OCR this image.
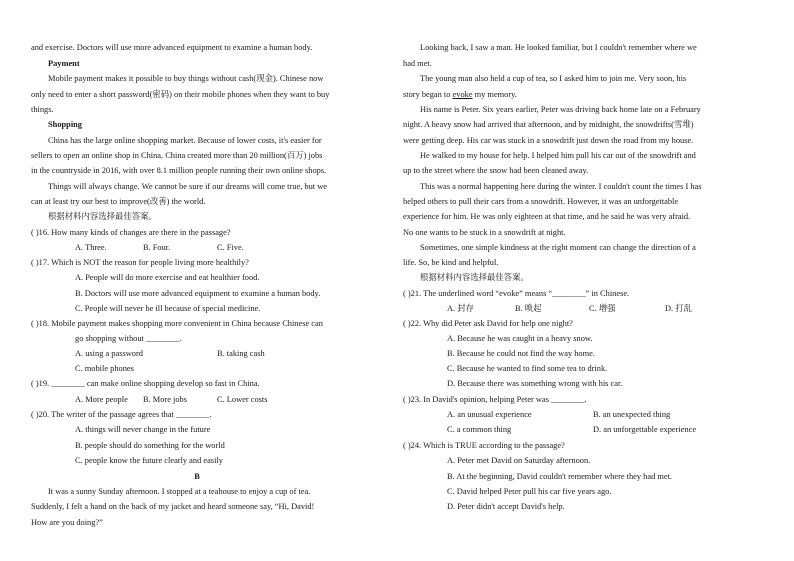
and exercise. Doctors will use more advanced equipment to examine a human body.
Payment
Mobile payment makes it possible to buy things without cash(现金). Chinese now
only need to enter a short password(密码) on their mobile phones when they want to buy
things.
Shopping
China has the large online shopping market. Because of lower costs, it's easier for
sellers to open an online shop in China. China created more than 20 million(百万) jobs
in the countryside in 2016, with over 8.1 million people running their own online shops.
Things will always change. We cannot be sure if our dreams will come true, but we
can at least try our best to improve(改善) the world.
根据材料内容选择最佳答案。
( )16. How many kinds of changes are there in the passage?
A. Three.	B. Four.	C. Five.
( )17. Which is NOT the reason for people living more healthily?
A. People will do more exercise and eat healthier food.
B. Doctors will use more advanced equipment to examine a human body.
C. People will never be ill because of special medicine.
( )18. Mobile payment makes shopping more convenient in China because Chinese can
go shopping without ________.
A. using a password	B. taking cash
C. mobile phones
( )19. ________ can make online shopping develop so fast in China.
A. More people B. More jobs	C. Lower costs
( )20. The writer of the passage agrees that ________.
A. things will never change in the future
B. people should do something for the world
C. people know the future clearly and easily
B
It was a sunny Sunday afternoon. I stopped at a teahouse to enjoy a cup of tea.
Suddenly, I felt a hand on the back of my jacket and heard someone say, “Hi, David!
How are you doing?”
Looking back, I saw a man. He looked familiar, but I couldn't remember where we
had met.
The young man also held a cup of tea, so I asked him to join me. Very soon, his
story began to evoke my memory.
His name is Peter. Six years earlier, Peter was driving back home late on a February
night. A heavy snow had arrived that afternoon, and by midnight, the snowdrifts(雪堆)
were getting deep. His car was stuck in a snowdrift just down the road from my house.
He walked to my house for help. I helped him pull his car out of the snowdrift and
up to the street where the snow had been cleaned away.
This was a normal happening here during the winter. I couldn't count the times I has
helped others to pull their cars from a snowdrift. However, it was an unforgettable
experience for him. He was only eighteen at that time, and he said he was very afraid.
No one wants to be stuck in a snowdrift at night.
Sometimes, one simple kindness at the right moment can change the direction of a
life. So, be kind and helpful.
根据材料内容选择最佳答案。
( )21. The underlined word “evoke” means “________” in Chinese.
A. 封存	B. 唤起	C. 增强	D. 打乱
( )22. Why did Peter ask David for help one night?
A. Because he was caught in a heavy snow.
B. Because he could not find the way home.
C. Because he wanted to find some tea to drink.
D. Because there was something wrong with his car.
( )23. In David's opinion, helping Peter was ________.
A. an unusual experience	B. an unexpected thing
C. a common thing	D. an unforgettable experience
( )24. Which is TRUE according to the passage?
A. Peter met David on Saturday afternoon.
B. At the beginning, David couldn't remember where they had met.
C. David helped Peter pull his car five years ago.
D. Peter didn't accept David's help.
